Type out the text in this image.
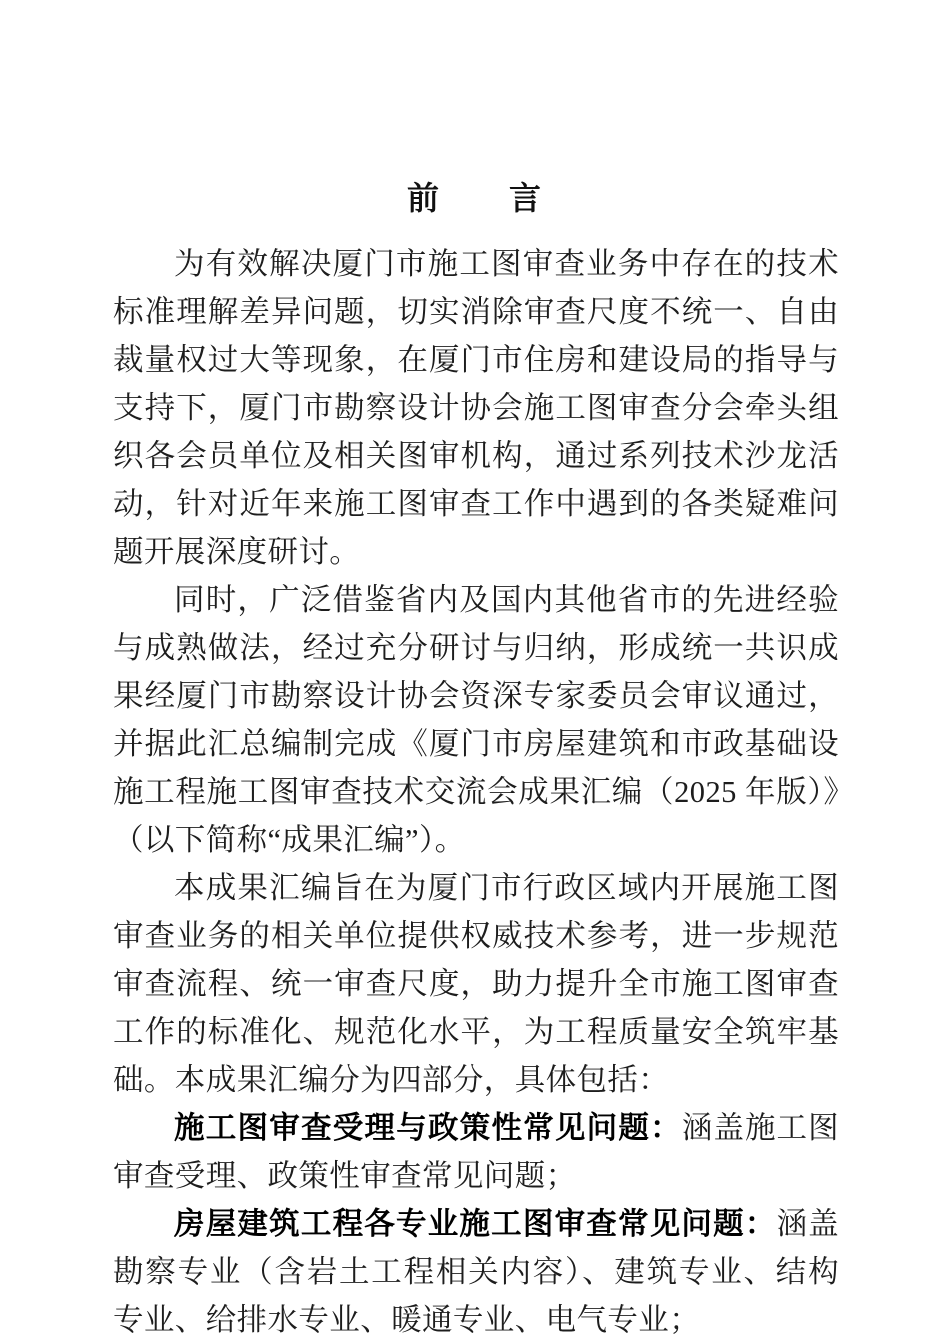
前　　言

为有效解决厦门市施工图审查业务中存在的技术标准理解差异问题，切实消除审查尺度不统一、自由裁量权过大等现象，在厦门市住房和建设局的指导与支持下，厦门市勘察设计协会施工图审查分会牵头组织各会员单位及相关图审机构，通过系列技术沙龙活动，针对近年来施工图审查工作中遇到的各类疑难问题开展深度研讨。

同时，广泛借鉴省内及国内其他省市的先进经验与成熟做法，经过充分研讨与归纳，形成统一共识成果经厦门市勘察设计协会资深专家委员会审议通过，并据此汇总编制完成《厦门市房屋建筑和市政基础设施工程施工图审查技术交流会成果汇编（2025 年版）》（以下简称“成果汇编”）。

本成果汇编旨在为厦门市行政区域内开展施工图审查业务的相关单位提供权威技术参考，进一步规范审查流程、统一审查尺度，助力提升全市施工图审查工作的标准化、规范化水平，为工程质量安全筑牢基础。本成果汇编分为四部分，具体包括：

施工图审查受理与政策性常见问题：涵盖施工图审查受理、政策性审查常见问题；

房屋建筑工程各专业施工图审查常见问题：涵盖勘察专业（含岩土工程相关内容）、建筑专业、结构专业、给排水专业、暖通专业、电气专业；
